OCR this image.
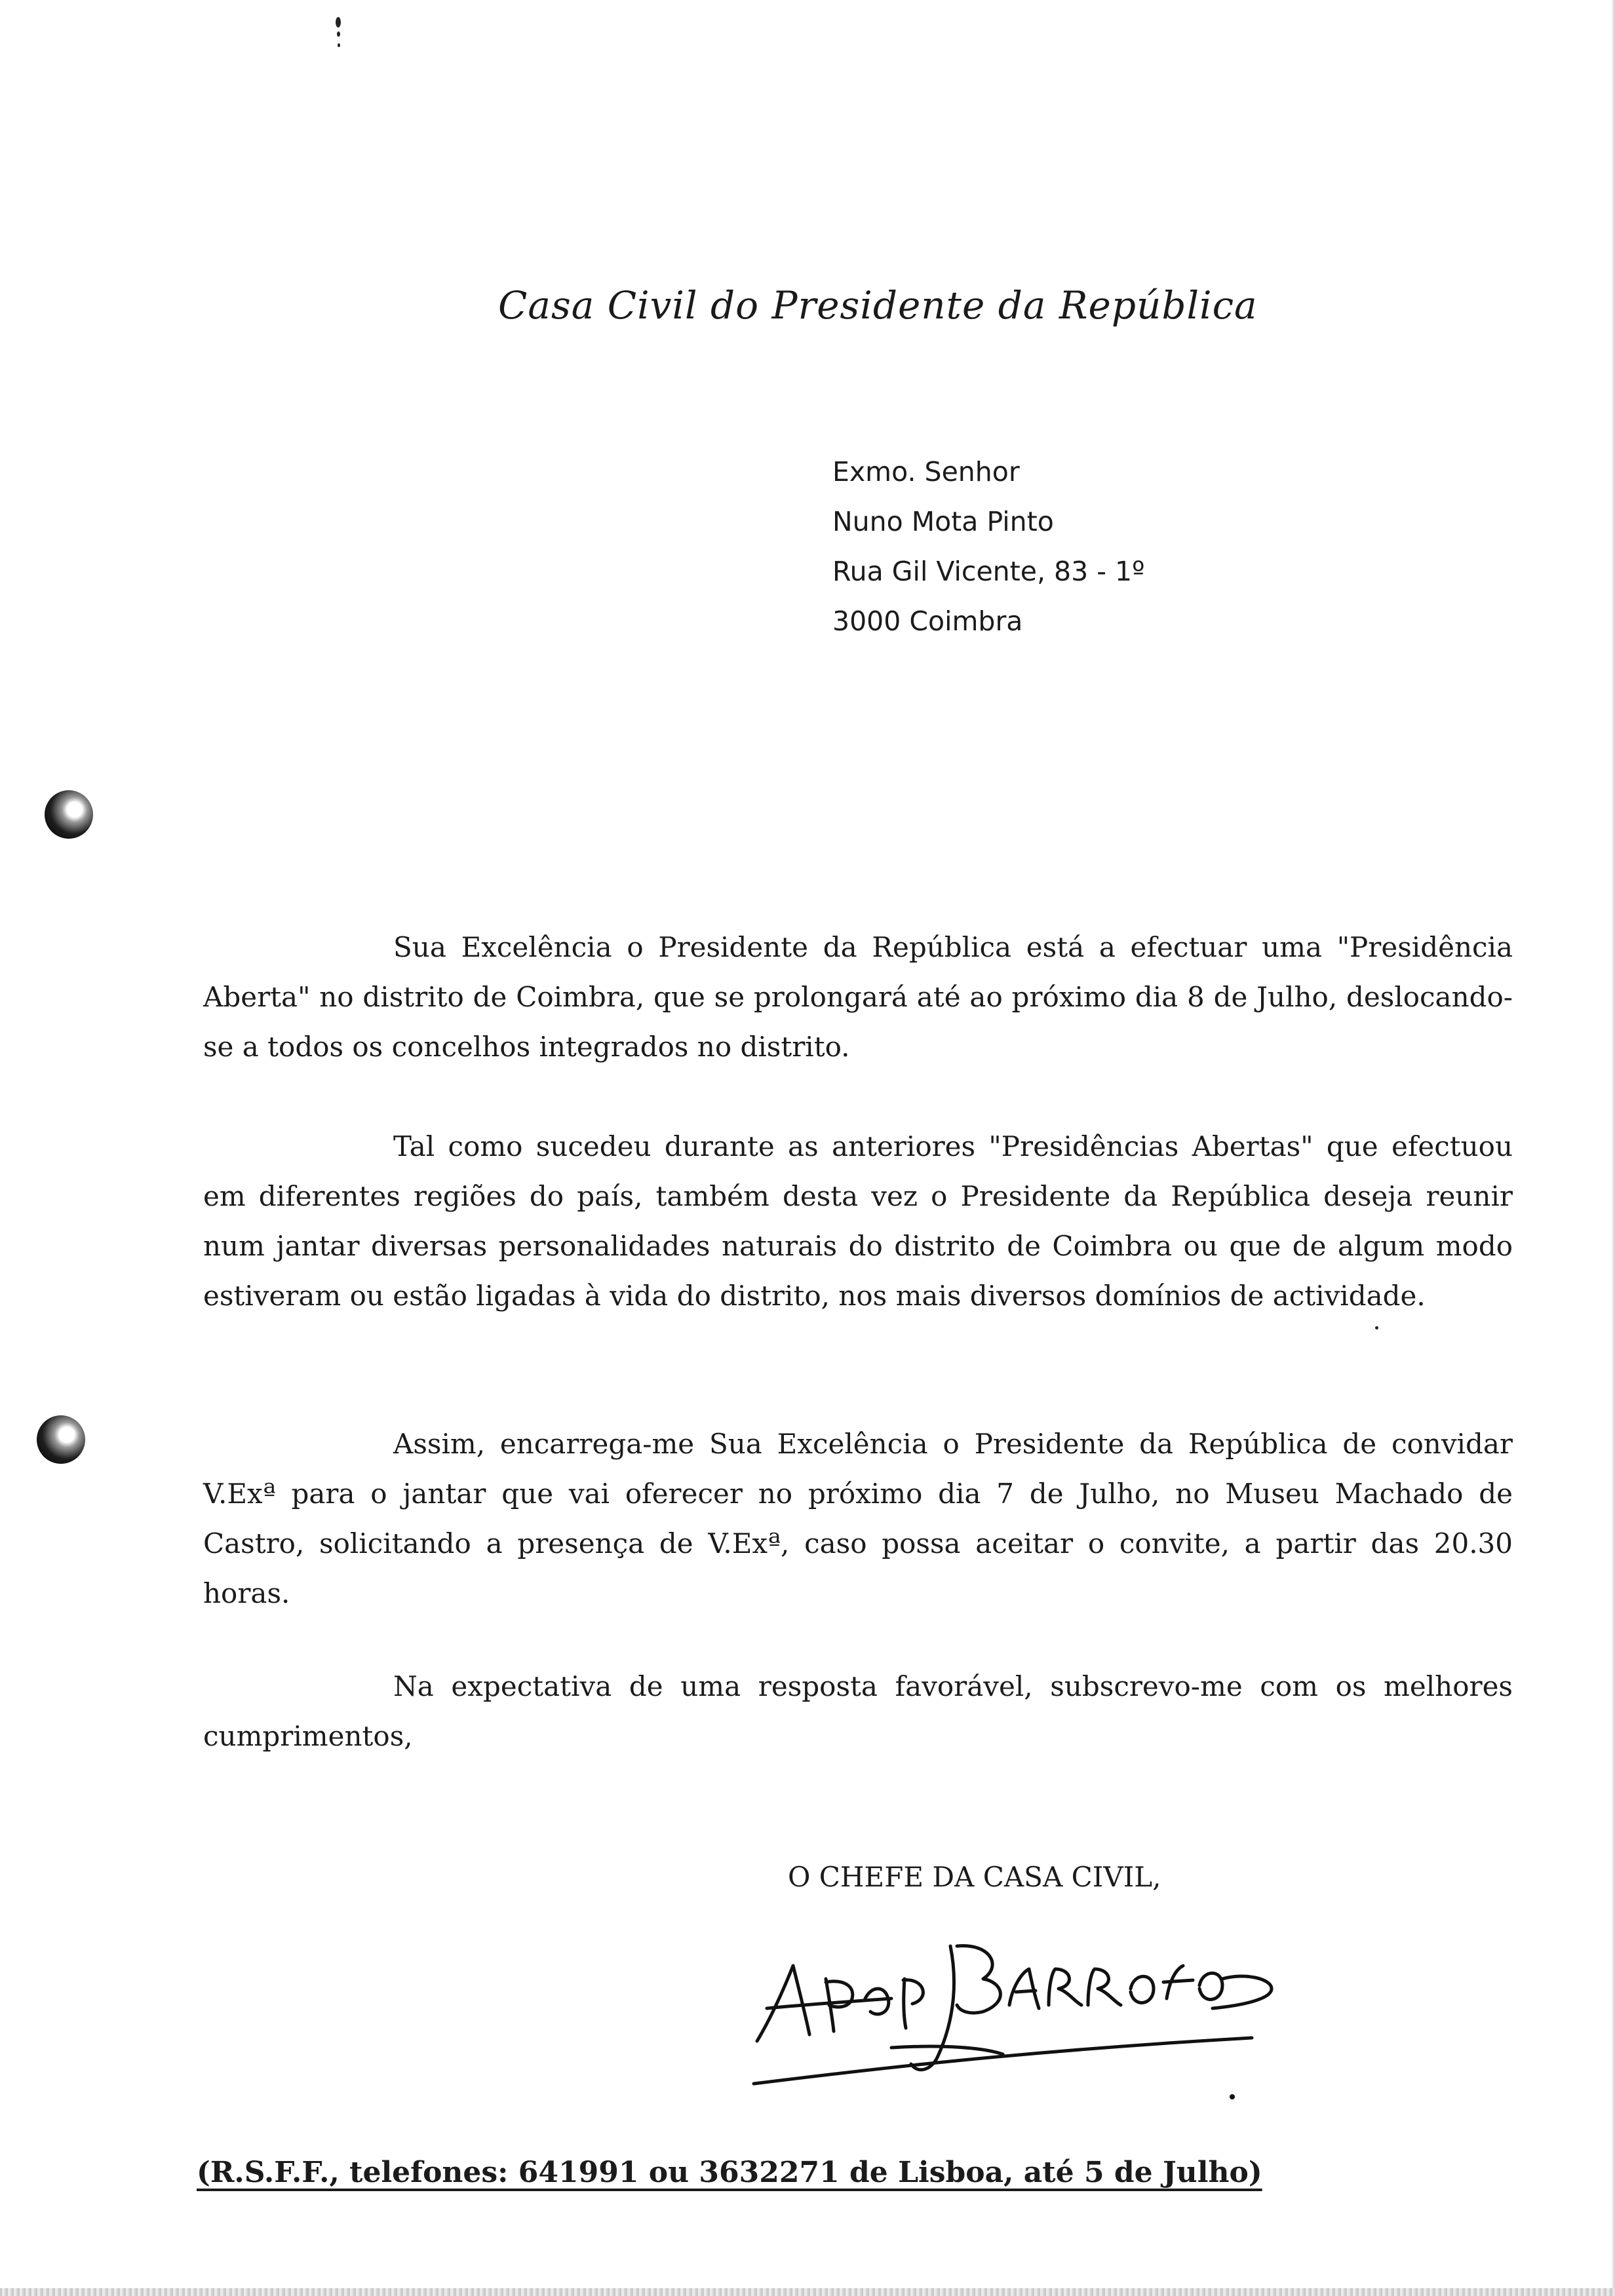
Casa Civil do Presidente da República
Exmo. Senhor
Nuno Mota Pinto
Rua Gil Vicente, 83 - 1º
3000 Coimbra

Sua Excelência o Presidente da República está a efectuar uma "Presidência Aberta" no distrito de Coimbra, que se prolongará até ao próximo dia 8 de Julho, deslocando-se a todos os concelhos integrados no distrito.

Tal como sucedeu durante as anteriores "Presidências Abertas" que efectuou em diferentes regiões do país, também desta vez o Presidente da República deseja reunir num jantar diversas personalidades naturais do distrito de Coimbra ou que de algum modo estiveram ou estão ligadas à vida do distrito, nos mais diversos domínios de actividade.

Assim, encarrega-me Sua Excelência o Presidente da República de convidar V.Exª para o jantar que vai oferecer no próximo dia 7 de Julho, no Museu Machado de Castro, solicitando a presença de V.Exª, caso possa aceitar o convite, a partir das 20.30 horas.

Na expectativa de uma resposta favorável, subscrevo-me com os melhores cumprimentos,

O CHEFE DA CASA CIVIL,
(R.S.F.F., telefones: 641991 ou 3632271 de Lisboa, até 5 de Julho)
